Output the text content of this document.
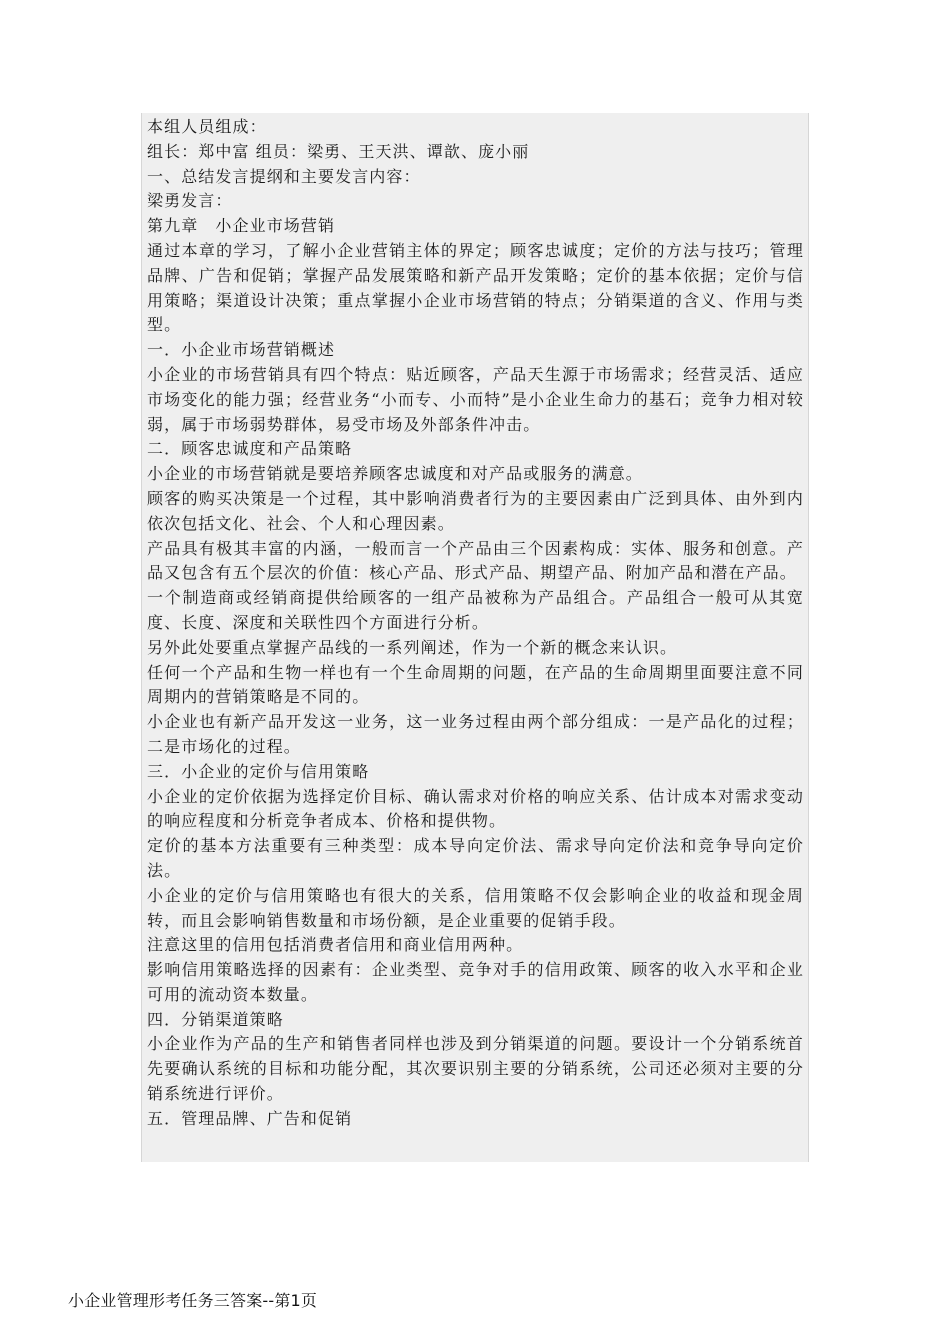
本组人员组成：

组长：郑中富 组员：梁勇、王天洪、谭歆、庞小丽

一、总结发言提纲和主要发言内容：

梁勇发言：

第九章　小企业市场营销

通过本章的学习，了解小企业营销主体的界定；顾客忠诚度；定价的方法与技巧；管理品牌、广告和促销；掌握产品发展策略和新产品开发策略；定价的基本依据；定价与信用策略；渠道设计决策；重点掌握小企业市场营销的特点；分销渠道的含义、作用与类型。

一．小企业市场营销概述

小企业的市场营销具有四个特点：贴近顾客，产品天生源于市场需求；经营灵活、适应市场变化的能力强；经营业务“小而专、小而特”是小企业生命力的基石；竞争力相对较弱，属于市场弱势群体，易受市场及外部条件冲击。

二．顾客忠诚度和产品策略

小企业的市场营销就是要培养顾客忠诚度和对产品或服务的满意。

顾客的购买决策是一个过程，其中影响消费者行为的主要因素由广泛到具体、由外到内依次包括文化、社会、个人和心理因素。

产品具有极其丰富的内涵，一般而言一个产品由三个因素构成：实体、服务和创意。产品又包含有五个层次的价值：核心产品、形式产品、期望产品、附加产品和潜在产品。

一个制造商或经销商提供给顾客的一组产品被称为产品组合。产品组合一般可从其宽度、长度、深度和关联性四个方面进行分析。

另外此处要重点掌握产品线的一系列阐述，作为一个新的概念来认识。

任何一个产品和生物一样也有一个生命周期的问题，在产品的生命周期里面要注意不同周期内的营销策略是不同的。

小企业也有新产品开发这一业务，这一业务过程由两个部分组成：一是产品化的过程；二是市场化的过程。

三．小企业的定价与信用策略

小企业的定价依据为选择定价目标、确认需求对价格的响应关系、估计成本对需求变动的响应程度和分析竞争者成本、价格和提供物。

定价的基本方法重要有三种类型：成本导向定价法、需求导向定价法和竞争导向定价法。

小企业的定价与信用策略也有很大的关系，信用策略不仅会影响企业的收益和现金周转，而且会影响销售数量和市场份额，是企业重要的促销手段。

注意这里的信用包括消费者信用和商业信用两种。

影响信用策略选择的因素有：企业类型、竞争对手的信用政策、顾客的收入水平和企业可用的流动资本数量。

四．分销渠道策略

小企业作为产品的生产和销售者同样也涉及到分销渠道的问题。要设计一个分销系统首先要确认系统的目标和功能分配，其次要识别主要的分销系统，公司还必须对主要的分销系统进行评价。

五．管理品牌、广告和促销

小企业管理形考任务三答案--第1页
